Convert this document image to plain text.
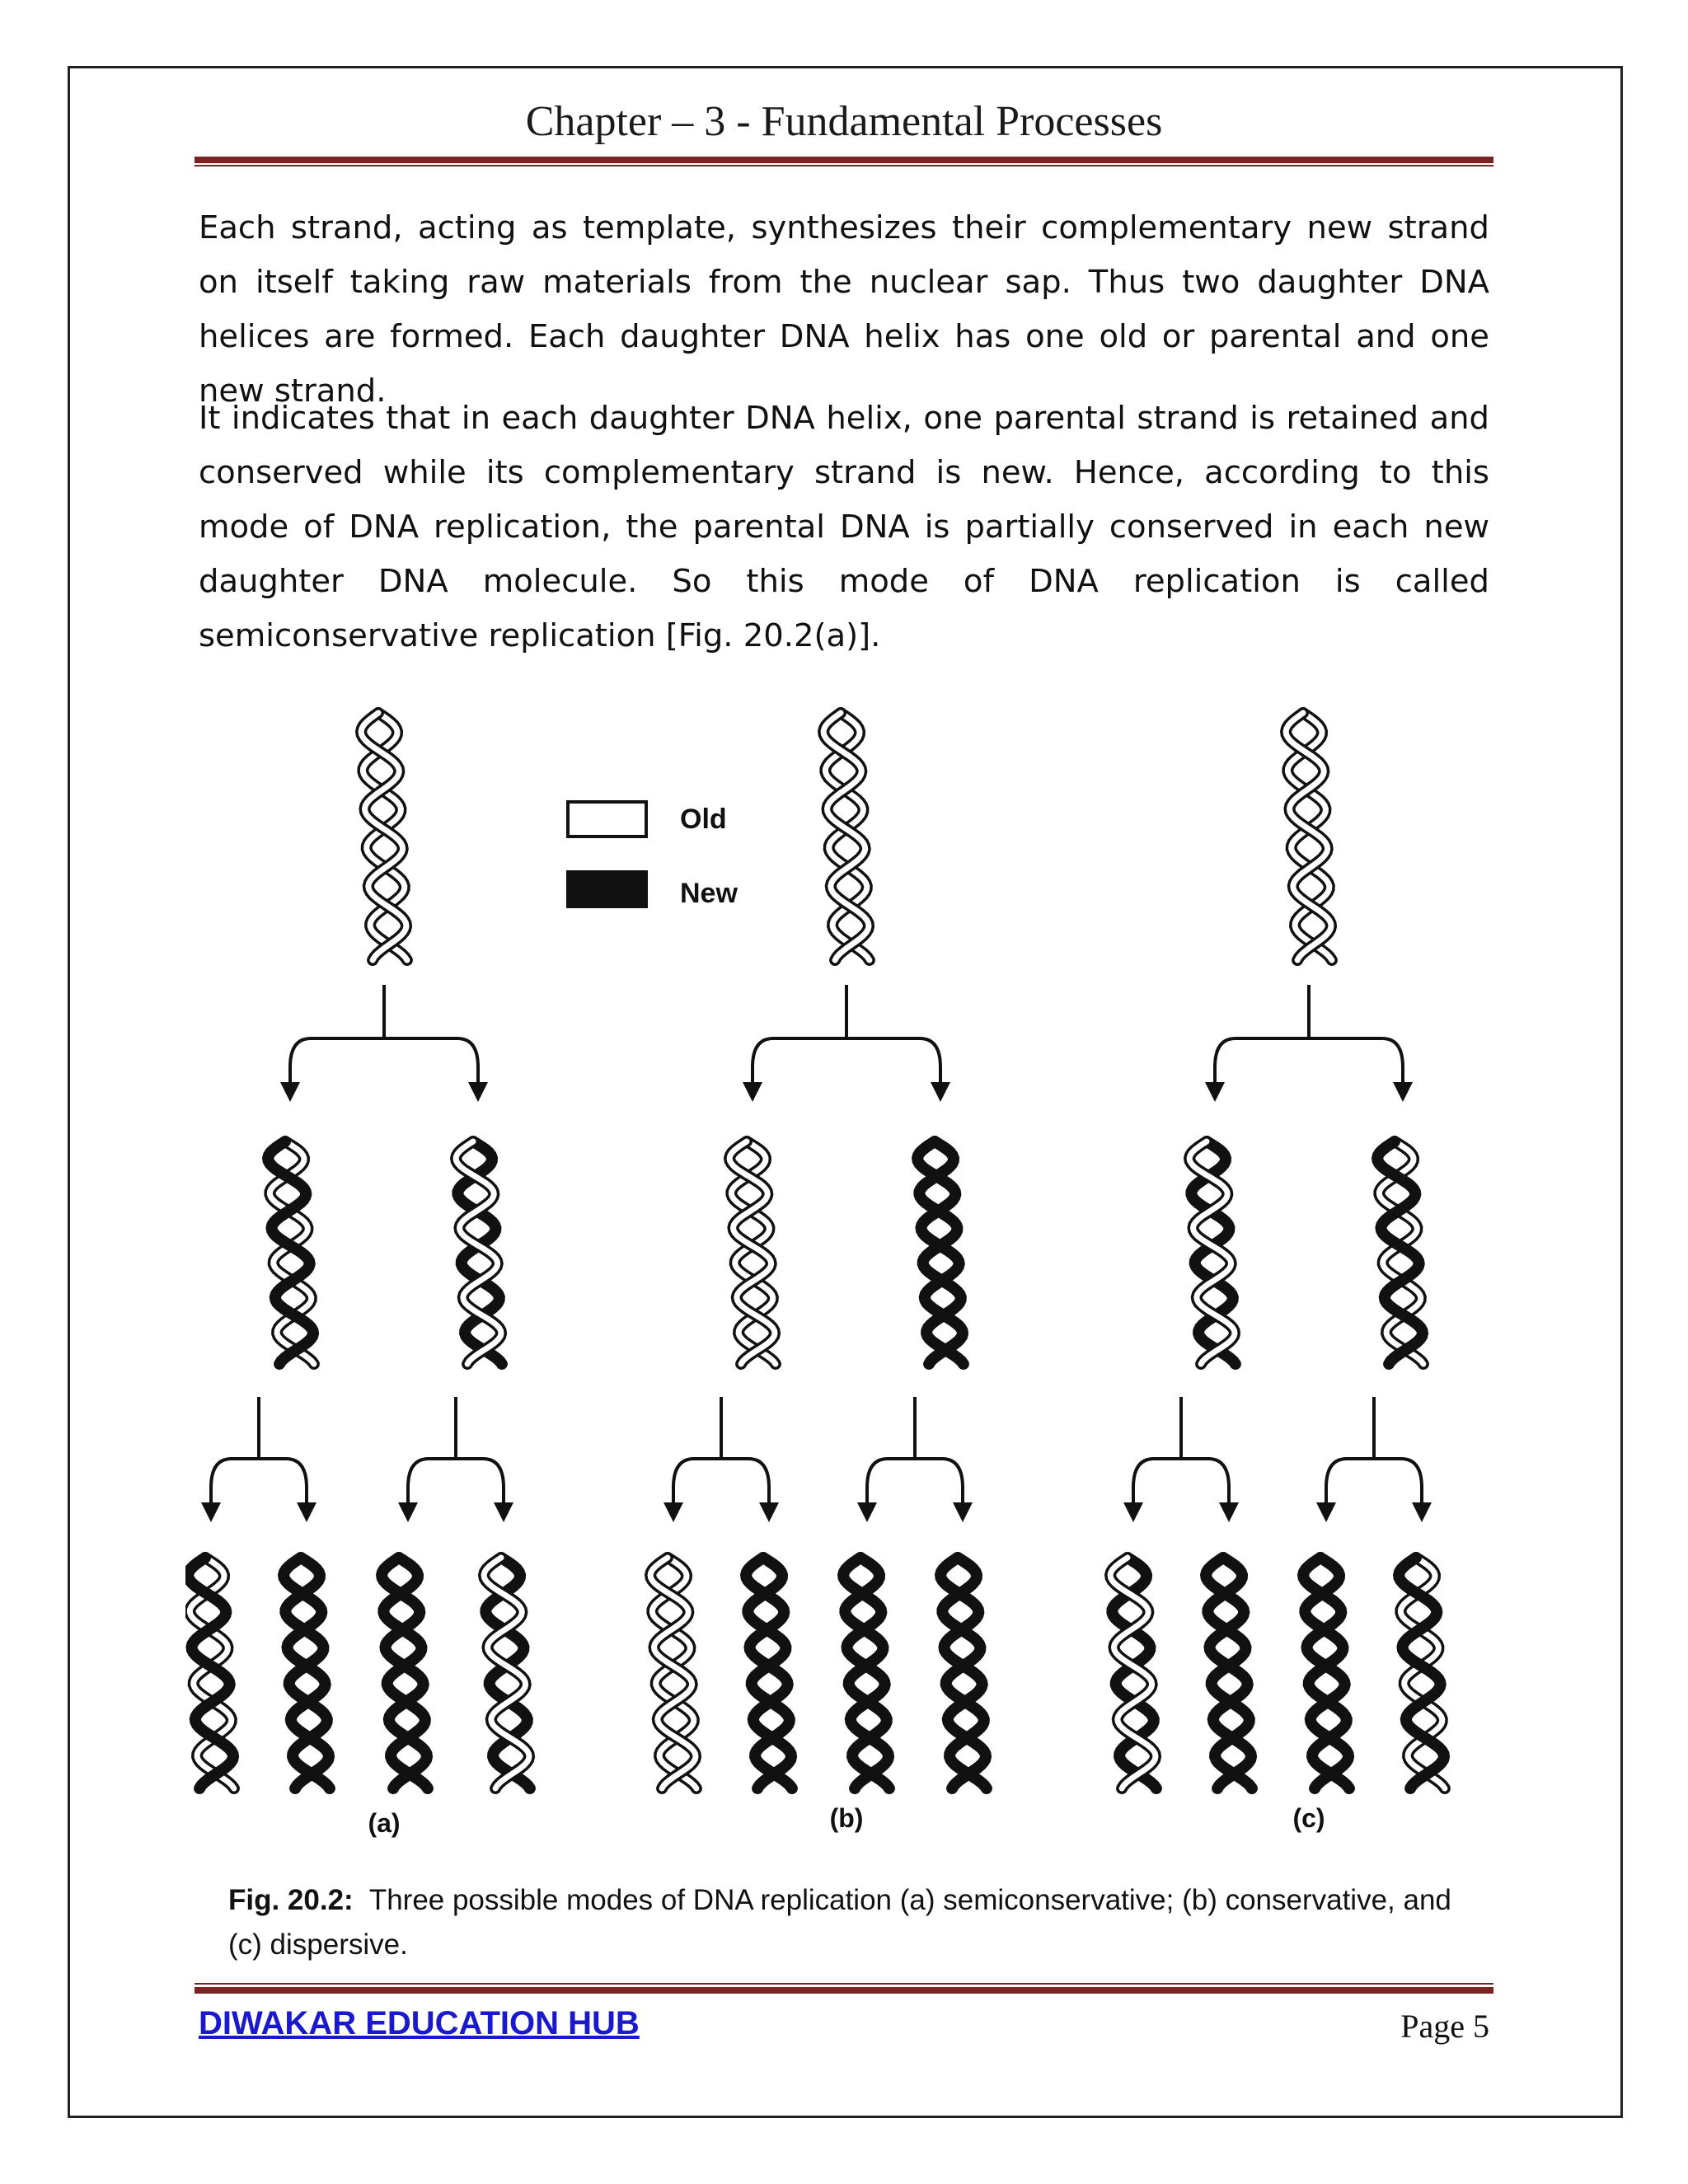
Chapter – 3 - Fundamental Processes

Each strand, acting as template, synthesizes their complementary new strand on itself taking raw materials from the nuclear sap. Thus two daughter DNA helices are formed. Each daughter DNA helix has one old or parental and one new strand.

It indicates that in each daughter DNA helix, one parental strand is retained and conserved while its complementary strand is new. Hence, according to this mode of DNA replication, the parental DNA is partially conserved in each new daughter DNA molecule. So this mode of DNA replication is called semiconservative replication [Fig. 20.2(a)].

Old
New
(a)	(b)	(c)
Fig. 20.2: Three possible modes of DNA replication (a) semiconservative; (b) conservative, and
(c) dispersive.
DIWAKAR EDUCATION HUB	Page 5
